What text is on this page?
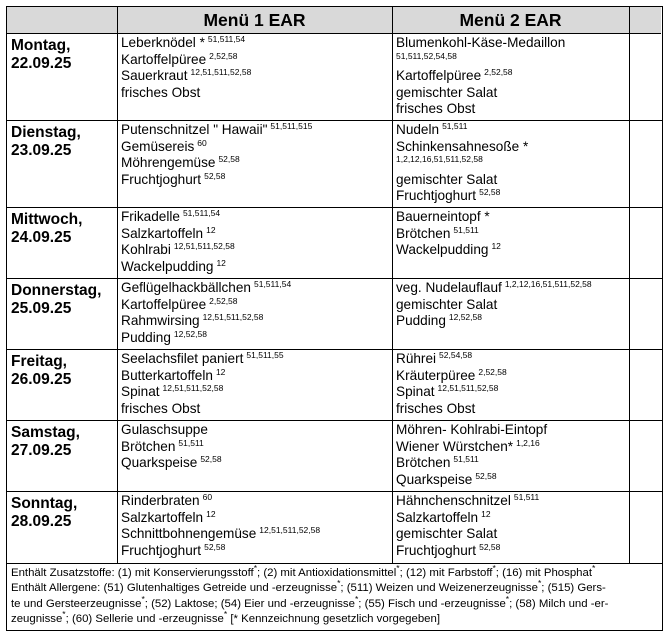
Menü 1 EAR	Menü 2 EAR
Montag,
22.09.25
Leberknödel * $^{51,511,54}$
Kartoffelpüree $^{2,52,58}$
Sauerkraut $^{12,51,511,52,58}$
frisches Obst
Blumenkohl-Käse-Medaillon
$^{51,511,52,54,58}$
Kartoffelpüree $^{2,52,58}$
gemischter Salat
frisches Obst
Dienstag,
23.09.25
Putenschnitzel " Hawaii" $^{51,511,515}$
Gemüsereis $^{60}$
Möhrengemüse $^{52,58}$
Fruchtjoghurt $^{52,58}$
Nudeln $^{51,511}$
Schinkensahnesoße *
$^{1,2,12,16,51,511,52,58}$
gemischter Salat
Fruchtjoghurt $^{52,58}$
Mittwoch,
24.09.25
Frikadelle $^{51,511,54}$
Salzkartoffeln $^{12}$
Kohlrabi $^{12,51,511,52,58}$
Wackelpudding $^{12}$
Bauerneintopf *
Brötchen $^{51,511}$
Wackelpudding $^{12}$
Donnerstag,
25.09.25
Geflügelhackbällchen $^{51,511,54}$
Kartoffelpüree $^{2,52,58}$
Rahmwirsing $^{12,51,511,52,58}$
Pudding $^{12,52,58}$
veg. Nudelauflauf $^{1,2,12,16,51,511,52,58}$
gemischter Salat
Pudding $^{12,52,58}$
Freitag,
26.09.25
Seelachsfilet paniert $^{51,511,55}$
Butterkartoffeln $^{12}$
Spinat $^{12,51,511,52,58}$
frisches Obst
Rührei $^{52,54,58}$
Kräuterpüree $^{2,52,58}$
Spinat $^{12,51,511,52,58}$
frisches Obst
Samstag,
27.09.25
Gulaschsuppe
Brötchen $^{51,511}$
Quarkspeise $^{52,58}$
Möhren- Kohlrabi-Eintopf
Wiener Würstchen* $^{1,2,16}$
Brötchen $^{51,511}$
Quarkspeise $^{52,58}$
Sonntag,
28.09.25
Rinderbraten $^{60}$
Salzkartoffeln $^{12}$
Schnittbohnengemüse $^{12,51,511,52,58}$
Fruchtjoghurt $^{52,58}$
Hähnchenschnitzel $^{51,511}$
Salzkartoffeln $^{12}$
gemischter Salat
Fruchtjoghurt $^{52,58}$

Enthält Zusatzstoffe: (1) mit Konservierungsstoff*; (2) mit Antioxidationsmittel*; (12) mit Farbstoff*; (16) mit Phosphat*

Enthält Allergene: (51) Glutenhaltiges Getreide und -erzeugnisse*; (511) Weizen und Weizenerzeugnisse*; (515) Gers-

te und Gersteerzeugnisse*; (52) Laktose; (54) Eier und -erzeugnisse*; (55) Fisch und -erzeugnisse*; (58) Milch und -er-

zeugnisse*; (60) Sellerie und -erzeugnisse* [* Kennzeichnung gesetzlich vorgegeben]
